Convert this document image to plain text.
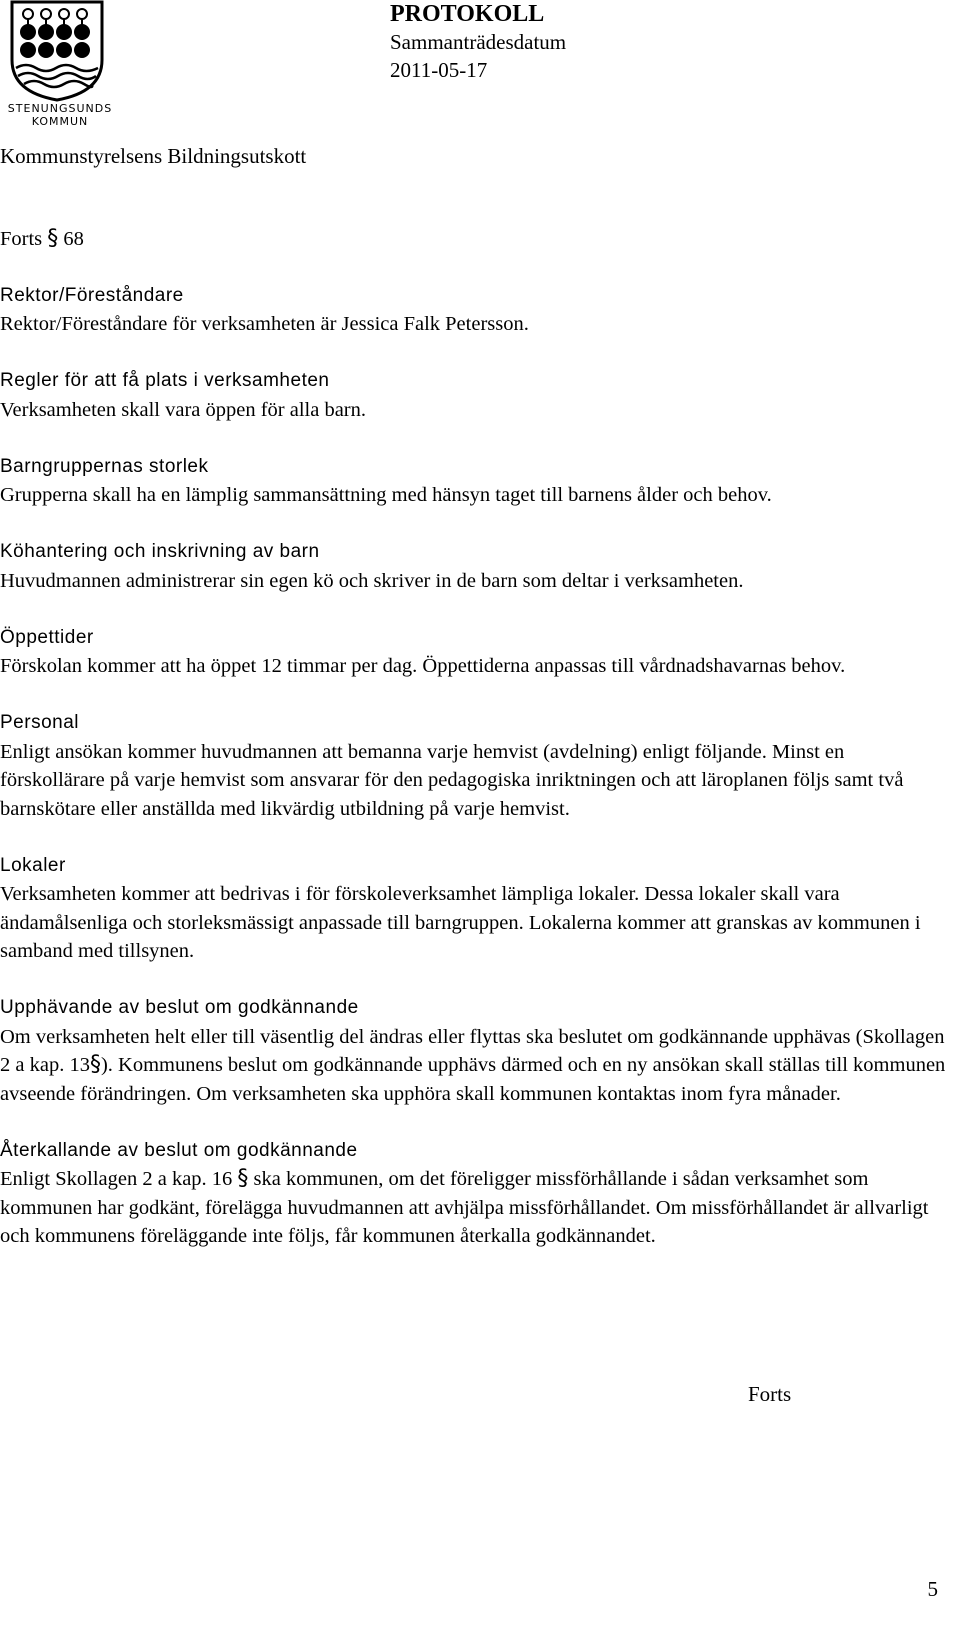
STENUNGSUNDS
KOMMUN
PROTOKOLL
Sammanträdesdatum
2011-05-17
Kommunstyrelsens Bildningsutskott
Forts § 68
Rektor/Föreståndare
Rektor/Föreståndare för verksamheten är Jessica Falk Petersson.
Regler för att få plats i verksamheten
Verksamheten skall vara öppen för alla barn.
Barngruppernas storlek
Grupperna skall ha en lämplig sammansättning med hänsyn taget till barnens ålder och behov.
Köhantering och inskrivning av barn
Huvudmannen administrerar sin egen kö och skriver in de barn som deltar i verksamheten.
Öppettider
Förskolan kommer att ha öppet 12 timmar per dag. Öppettiderna anpassas till vårdnadshavarnas behov.
Personal
Enligt ansökan kommer huvudmannen att bemanna varje hemvist (avdelning) enligt följande. Minst en förskollärare på varje hemvist som ansvarar för den pedagogiska inriktningen och att läroplanen följs samt två barnskötare eller anställda med likvärdig utbildning på varje hemvist.
Lokaler
Verksamheten kommer att bedrivas i för förskoleverksamhet lämpliga lokaler. Dessa lokaler skall vara ändamålsenliga och storleksmässigt anpassade till barngruppen. Lokalerna kommer att granskas av kommunen i samband med tillsynen.
Upphävande av beslut om godkännande
Om verksamheten helt eller till väsentlig del ändras eller flyttas ska beslutet om godkännande upphävas (Skollagen 2 a kap. 13§). Kommunens beslut om godkännande upphävs därmed och en ny ansökan skall ställas till kommunen avseende förändringen. Om verksamheten ska upphöra skall kommunen kontaktas inom fyra månader.
Återkallande av beslut om godkännande
Enligt Skollagen 2 a kap. 16 § ska kommunen, om det föreligger missförhållande i sådan verksamhet som kommunen har godkänt, förelägga huvudmannen att avhjälpa missförhållandet. Om missförhållandet är allvarligt och kommunens föreläggande inte följs, får kommunen återkalla godkännandet.
Forts
5
